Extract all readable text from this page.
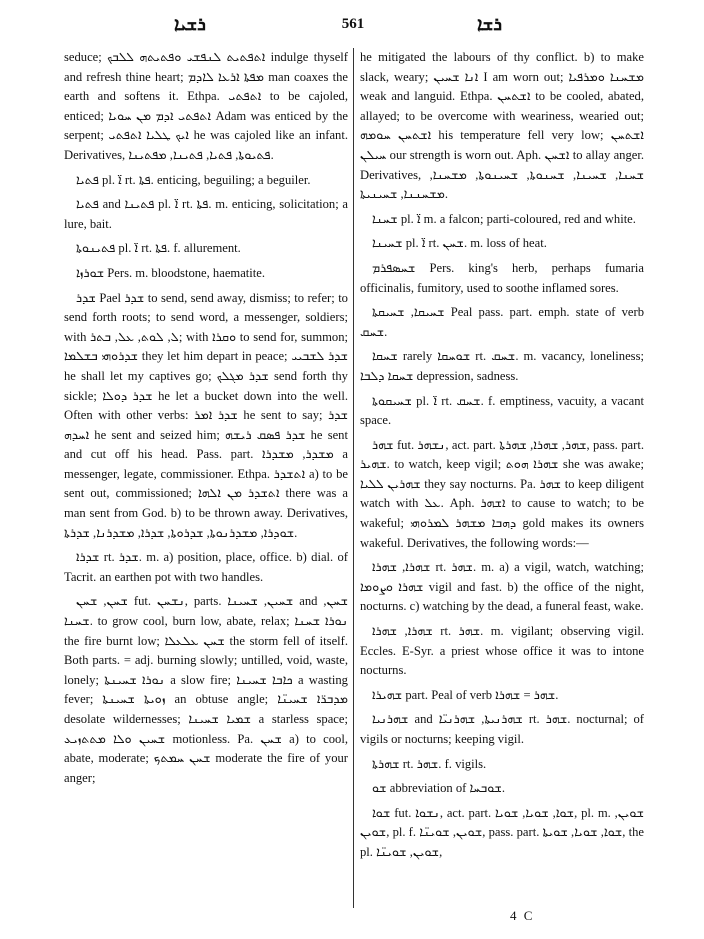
ܪܫܝܐ	561	ܪܫܐ

seduce; ܐܬܦܬܝܬ ܠܢܦܫܝ ܘܦܬܝܬܗ ܠܠܒܟ indulge thyself and refresh thine heart; ܡܦܬܐ ܐܪܥܐ ܠܐܕܡ man coaxes the earth and softens it. Ethpa. ܐܬܦܬܝ to be cajoled, enticed; ܐܬܦܬܝ ܐܕܡ ܡܢ ܚܘܝܐ Adam was enticed by the serpent; ܐܝܟ ܛܠܝܐ ܐܬܦܬܝ he was cajoled like an infant. Derivatives, ܦܬܝܘܬܐ, ܦܬܝܐ, ܦܬܝܢܐ, ܡܦܬܝܢܐ.

ܦܬܝܐ pl. ܐ̈ rt. ܦܬܐ. enticing, beguiling; a beguiler.

ܦܬܝܐ and ܦܬܝܢܐ pl. ܐ̈ rt. ܦܬܐ. m. enticing, solicitation; a lure, bait.

ܦܬܝܢܘܬܐ pl. ܐ̈ rt. ܦܬܐ. f. allurement.

ܫܘܪܙܐ Pers. m. bloodstone, haematite.

ܫܕܪ Pael ܫܕܪ to send, send away, dismiss; to refer; to send forth roots; to send word, a messenger, soldiers; with ܠ, ܠܘܬ, ܥܠ, ܒܬܪ; with ܘܩܪܐ to send for, summon; ܫܕܪܘܗܝ ܒܫܠܡܐ they let him depart in peace; ܫܕܪ ܠܫܒܝܝ he shall let my captives go; ܫܕܪ ܡܓܠܟ send forth thy sickle; ܫܕܪ ܕܘܠܐ he let a bucket down into the well. Often with other verbs: ܫܕܪ ܐܡܪ he sent to say; ܫܕܪ ܐܚܕܗ he sent and seized him; ܫܕܪ ܦܣܩ ܪܝܫܗ he sent and cut off his head. Pass. part. ܡܫܕܪ, ܡܫܕܪܐ a messenger, legate, commissioner. Ethpa. ܐܬܫܕܪ a) to be sent out, commissioned; ܐܬܫܕܪ ܡܢ ܐܠܗܐ there was a man sent from God. b) to be thrown away. Derivatives, ܫܘܕܪܐ, ܡܫܕܪܢܘܬܐ, ܫܕܪܘܬܐ, ܫܕܪܐ, ܡܫܕܪܢܐ, ܫܕܪܬܐ.

ܫܕܪܐ rt. ܫܕܪ. m. a) position, place, office. b) dial. of Tacrit. an earthen pot with two handles.

ܫܚܢ, ܫܚܢ fut. ܢܫܚܢ, parts. ܫܚܝܢ, ܫܚܝܢܐ and ܫܚܢ, ܫܚܢܐ. to grow cool, burn low, abate, relax; ܢܘܪܐ ܫܚܢܐ the fire burnt low; ܫܚܢ ܥܠܥܠܐ the storm fell of itself. Both parts. = adj. burning slowly; untilled, void, waste, lonely; ܢܘܪܐ ܫܚܝܢܬܐ a slow fire; ܟܐܒܐ ܫܚܝܢܐ a wasting fever; ܙܘܝܬܐ ܫܚܝܢܬܐ an obtuse angle; ܡܕܒܪ̈ܐ ܫܚܝܢ̈ܐ desolate wildernesses; ܫܡܝܐ ܫܚܝܢܐ a starless space; ܫܚܝܢ ܘܠܐ ܡܬܬܙܝܥ motionless. Pa. ܫܚܢ a) to cool, abate, moderate; ܫܚܢ ܚܡܬܟ moderate the fire of your anger;

he mitigated the labours of thy conflict. b) to make slack, weary; ܐܢܐ ܫܚܝܢ I am worn out; ܡܫܚܢܐ ܘܡܪܦܝܐ weak and languid. Ethpa. ܐܫܬܚܢ to be cooled, abated, allayed; to be overcome with weariness, wearied out; ܐܫܬܚܢ ܚܘܡܗ his temperature fell very low; ܐܫܬܚܢ ܚܝܠܢ our strength is worn out. Aph. ܐܫܚܢ to allay anger. Derivatives, ܫܚܢܐ, ܫܚܝܢܐ, ܫܚܢܘܬܐ, ܫܚܝܢܘܬܐ, ܡܫܚܢܐ, ܡܫܚܢܢܐ, ܫܚܝܢܝܬܐ.

ܫܚܢܐ pl. ܐ̈ m. a falcon; parti-coloured, red and white.

ܫܚܝܢܐ pl. ܐ̈ rt. ܫܚܢ. m. loss of heat.

ܫܚܣܦܪܡ Pers. king's herb, perhaps fumaria officinalis, fumitory, used to soothe inflamed sores.

ܫܚܝܩܐ, ܫܚܝܩܬܐ Peal pass. part. emph. state of verb ܫܚܩ.

ܫܚܩܐ rarely ܫܘܚܩܐ rt. ܫܚܩ. m. vacancy, loneliness; ܫܚܩܐ ܕܠܒܐ depression, sadness.

ܫܚܝܩܘܬܐ pl. ܐ̈ rt. ܫܚܩ. f. emptiness, vacuity, a vacant space.

ܫܗܪ fut. ܢܫܗܪ, act. part. ܫܗܪ, ܫܗܪܐ, ܫܗܪܬܐ, pass. part. ܫܗܝܪ. to watch, keep vigil; ܫܗܪܐ ܗܘܬ she was awake; ܫܗܪܝܢ ܠܠܝܐ they say nocturns. Pa. ܫܗܪ to keep diligent watch with ܥܠ. Aph. ܐܫܗܪ to cause to watch; to be wakeful; ܕܗܒܐ ܡܫܗܪ ܠܡܪܘܗܝ gold makes its owners wakeful. Derivatives, the following words:—

ܫܗܪܐ, ܫܗܪܐ rt. ܫܗܪ. m. a) a vigil, watch, watching; ܫܗܪܐ ܘܨܘܡܐ vigil and fast. b) the office of the night, nocturns. c) watching by the dead, a funeral feast, wake.

ܫܗܪܐ, ܫܗܪܐ rt. ܫܗܪ. m. vigilant; observing vigil. Eccles. E-Syr. a priest whose office it was to intone nocturns.

ܫܗܝܪܐ part. Peal of verb ܫܗܪ = ܫܗܪܐ.

ܫܗܪܢܝܐ and ܫܗܪܢܝܬܐ, ܫܗܪܢܝ̈ܐ rt. ܫܗܪ. nocturnal; of vigils or nocturns; keeping vigil.

ܫܗܪܬܐ rt. ܫܗܪ. f. vigils.

ܫܘ abbreviation of ܫܘܒܚܐ.

ܫܘܐ fut. ܢܫܘܐ, act. part. ܫܘܐ, ܫܘܝܐ, ܫܘܝܐ, pl. m. ܫܘܝܢ, ܫܘܝܢ, pl. f. ܫܘܝܢ, ܫܘܝܢ̈ܐ, pass. part. ܫܘܐ, ܫܘܝܐ, ܫܘܝܬܐ, the pl. ܫܘܝܢ, ܫܘܝܢ̈ܐ,

4 C
